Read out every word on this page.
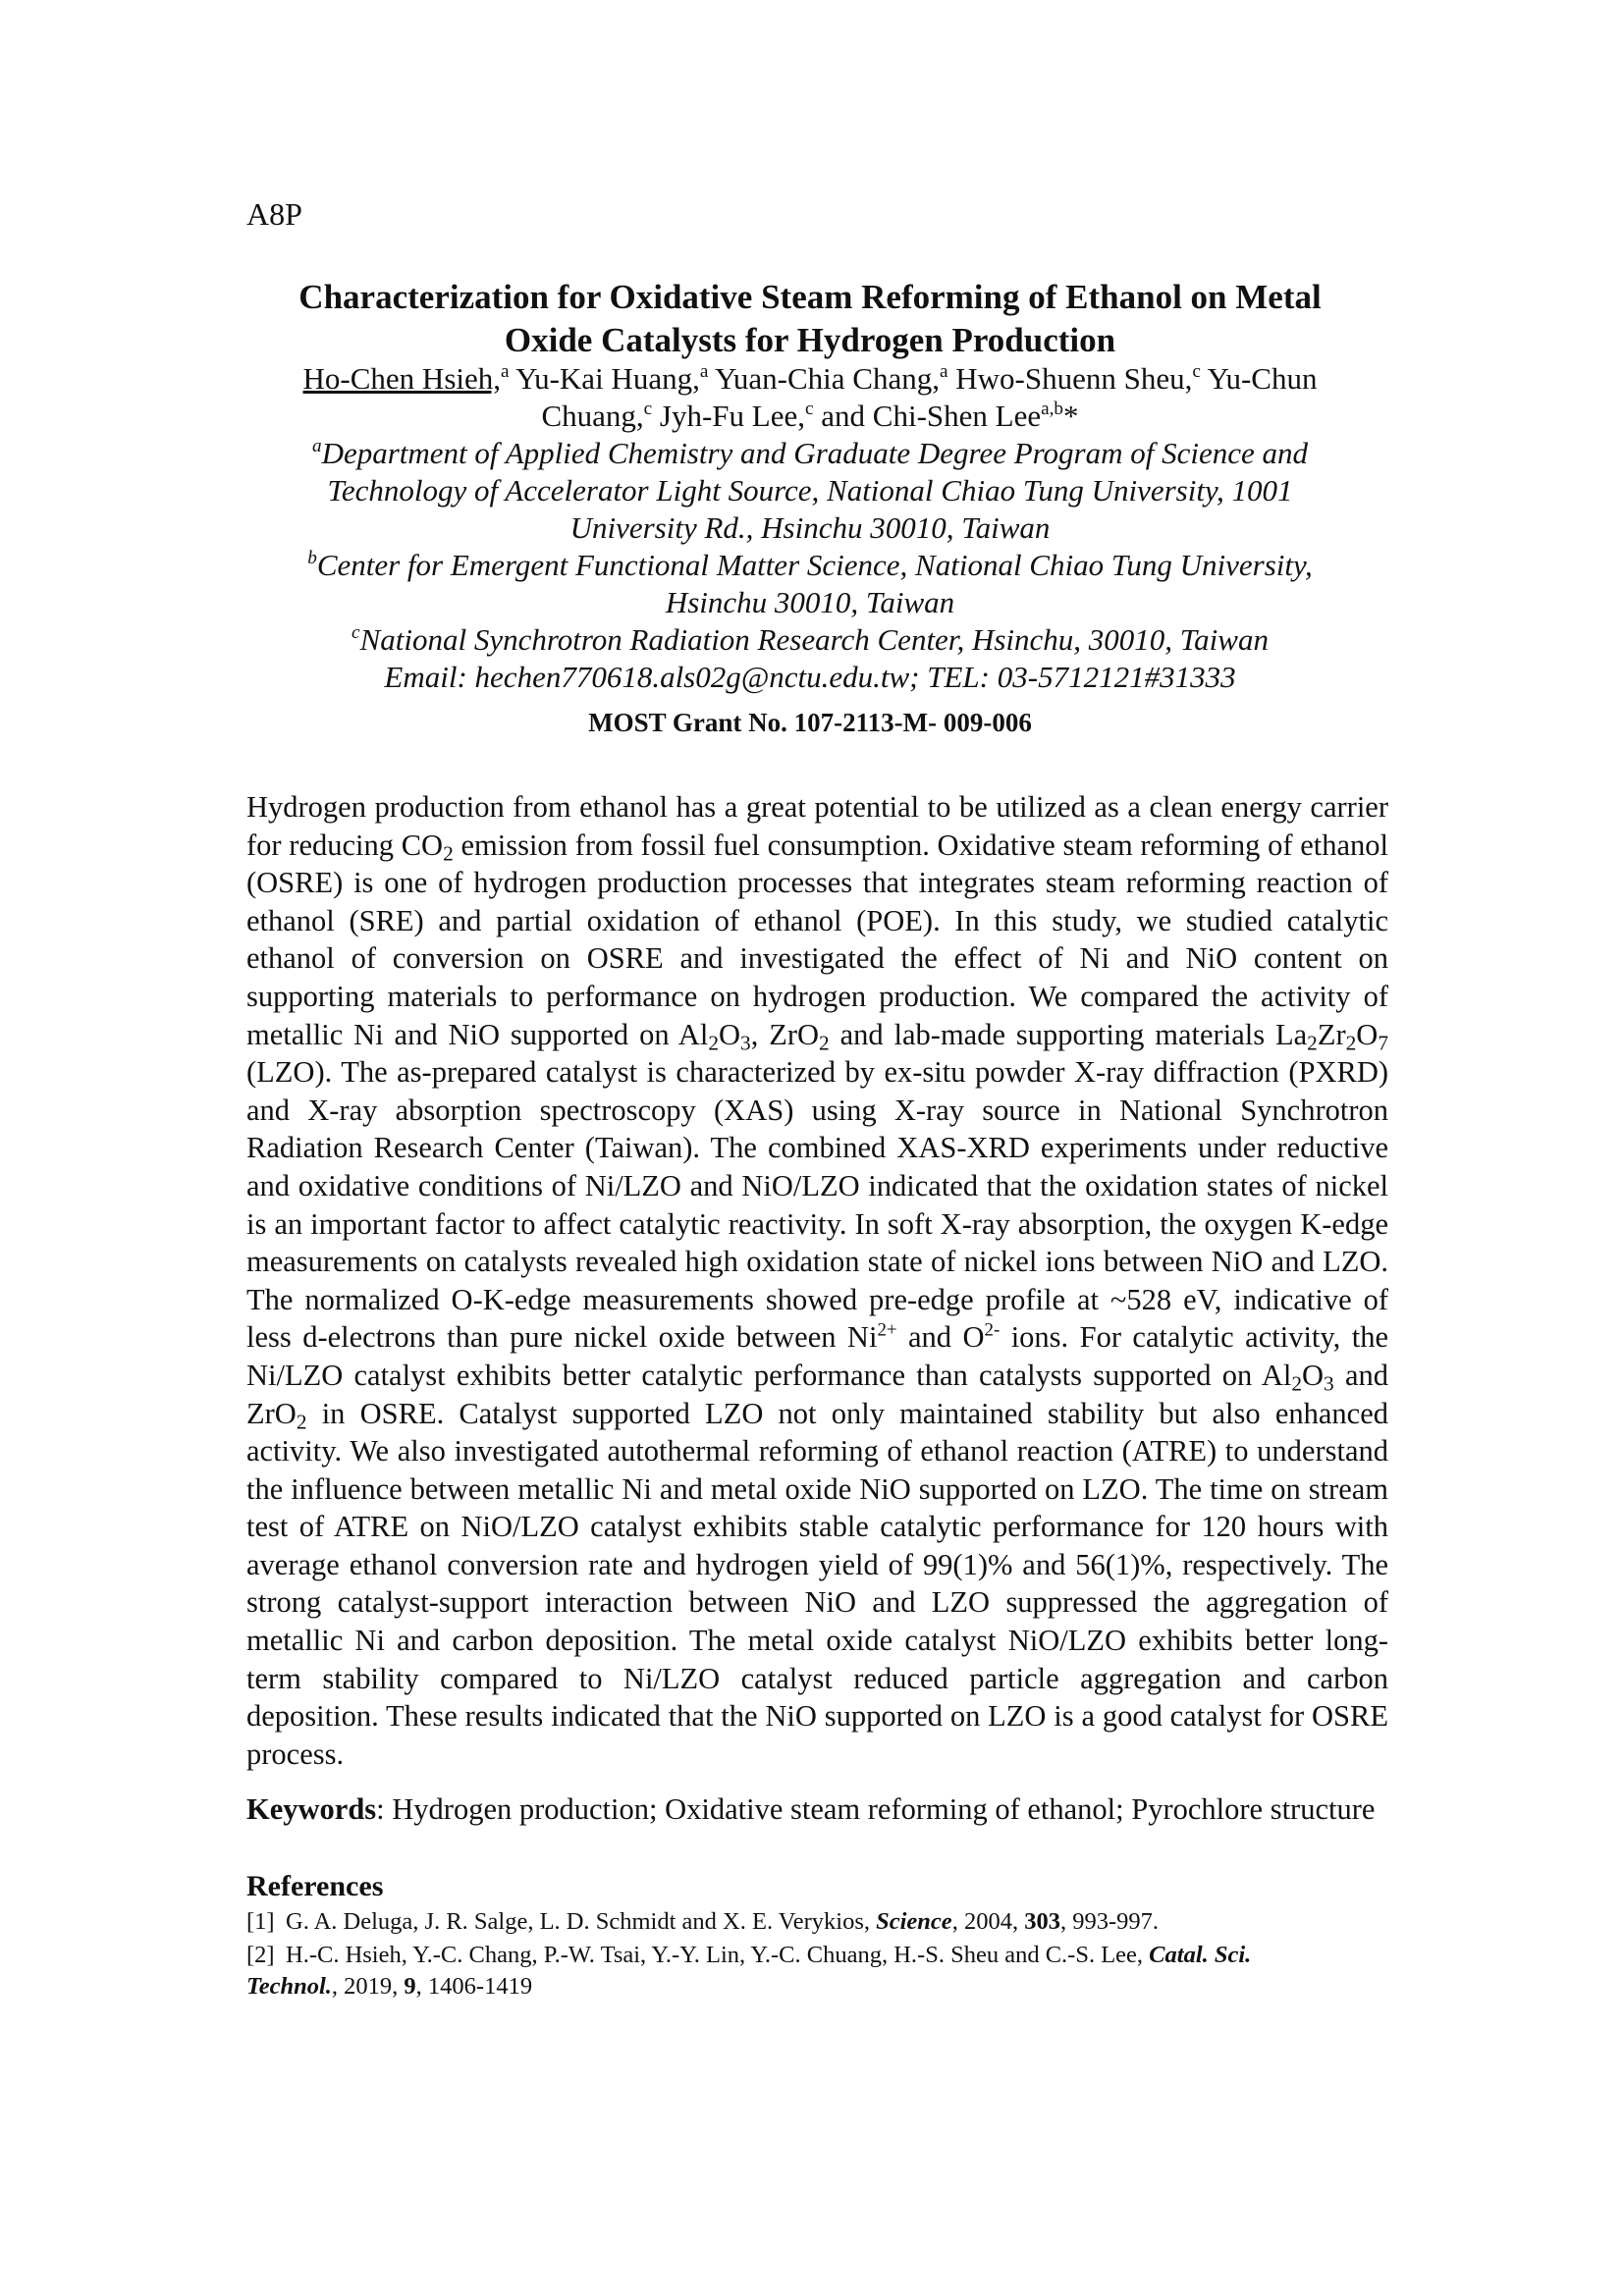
A8P
Characterization for Oxidative Steam Reforming of Ethanol on Metal
Oxide Catalysts for Hydrogen Production
Ho-Chen Hsieh,$^a$ Yu-Kai Huang,$^a$ Yuan-Chia Chang,$^a$ Hwo-Shuenn Sheu,$^c$ Yu-Chun
Chuang,$^c$ Jyh-Fu Lee,$^c$ and Chi-Shen Lee$^{a,b}$*
$^a$Department of Applied Chemistry and Graduate Degree Program of Science and
Technology of Accelerator Light Source, National Chiao Tung University, 1001
University Rd., Hsinchu 30010, Taiwan
$^b$Center for Emergent Functional Matter Science, National Chiao Tung University,
Hsinchu 30010, Taiwan
$^c$National Synchrotron Radiation Research Center, Hsinchu, 30010, Taiwan
Email: hechen770618.als02g@nctu.edu.tw; TEL: 03-5712121#31333
MOST Grant No. 107-2113-M- 009-006

Hydrogen production from ethanol has a great potential to be utilized as a clean energy carrier for reducing $CO_2$ emission from fossil fuel consumption. Oxidative steam reforming of ethanol (OSRE) is one of hydrogen production processes that integrates steam reforming reaction of ethanol (SRE) and partial oxidation of ethanol (POE). In this study, we studied catalytic ethanol of conversion on OSRE and investigated the effect of Ni and NiO content on supporting materials to performance on hydrogen production. We compared the activity of metallic Ni and NiO supported on $Al_2O_3$, ZrO$_2$ and lab-made supporting materials $La_2Zr_2O_7$ (LZO). The as-prepared catalyst is characterized by ex-situ powder X-ray diffraction (PXRD) and X-ray absorption spectroscopy (XAS) using X-ray source in National Synchrotron Radiation Research Center (Taiwan). The combined XAS-XRD experiments under reductive and oxidative conditions of Ni/LZO and NiO/LZO indicated that the oxidation states of nickel is an important factor to affect catalytic reactivity. In soft X-ray absorption, the oxygen K-edge measurements on catalysts revealed high oxidation state of nickel ions between NiO and LZO. The normalized O-K-edge measurements showed pre-edge profile at ~528 eV, indicative of less d-electrons than pure nickel oxide between $Ni^{2+}$ and $O^{2-}$ ions. For catalytic activity, the Ni/LZO catalyst exhibits better catalytic performance than catalysts supported on $Al_2O_3$ and ZrO$_2$ in OSRE. Catalyst supported LZO not only maintained stability but also enhanced activity. We also investigated autothermal reforming of ethanol reaction (ATRE) to understand the influence between metallic Ni and metal oxide NiO supported on LZO. The time on stream test of ATRE on NiO/LZO catalyst exhibits stable catalytic performance for 120 hours with average ethanol conversion rate and hydrogen yield of 99(1)% and 56(1)%, respectively. The strong catalyst-support interaction between NiO and LZO suppressed the aggregation of metallic Ni and carbon deposition. The metal oxide catalyst NiO/LZO exhibits better long-term stability compared to Ni/LZO catalyst reduced particle aggregation and carbon deposition. These results indicated that the NiO supported on LZO is a good catalyst for OSRE process.

Keywords: Hydrogen production; Oxidative steam reforming of ethanol; Pyrochlore structure
References
[1] G. A. Deluga, J. R. Salge, L. D. Schmidt and X. E. Verykios, Science, 2004, 303, 993-997.
[2] H.-C. Hsieh, Y.-C. Chang, P.-W. Tsai, Y.-Y. Lin, Y.-C. Chuang, H.-S. Sheu and C.-S. Lee, Catal. Sci.
Technol., 2019, 9, 1406-1419
